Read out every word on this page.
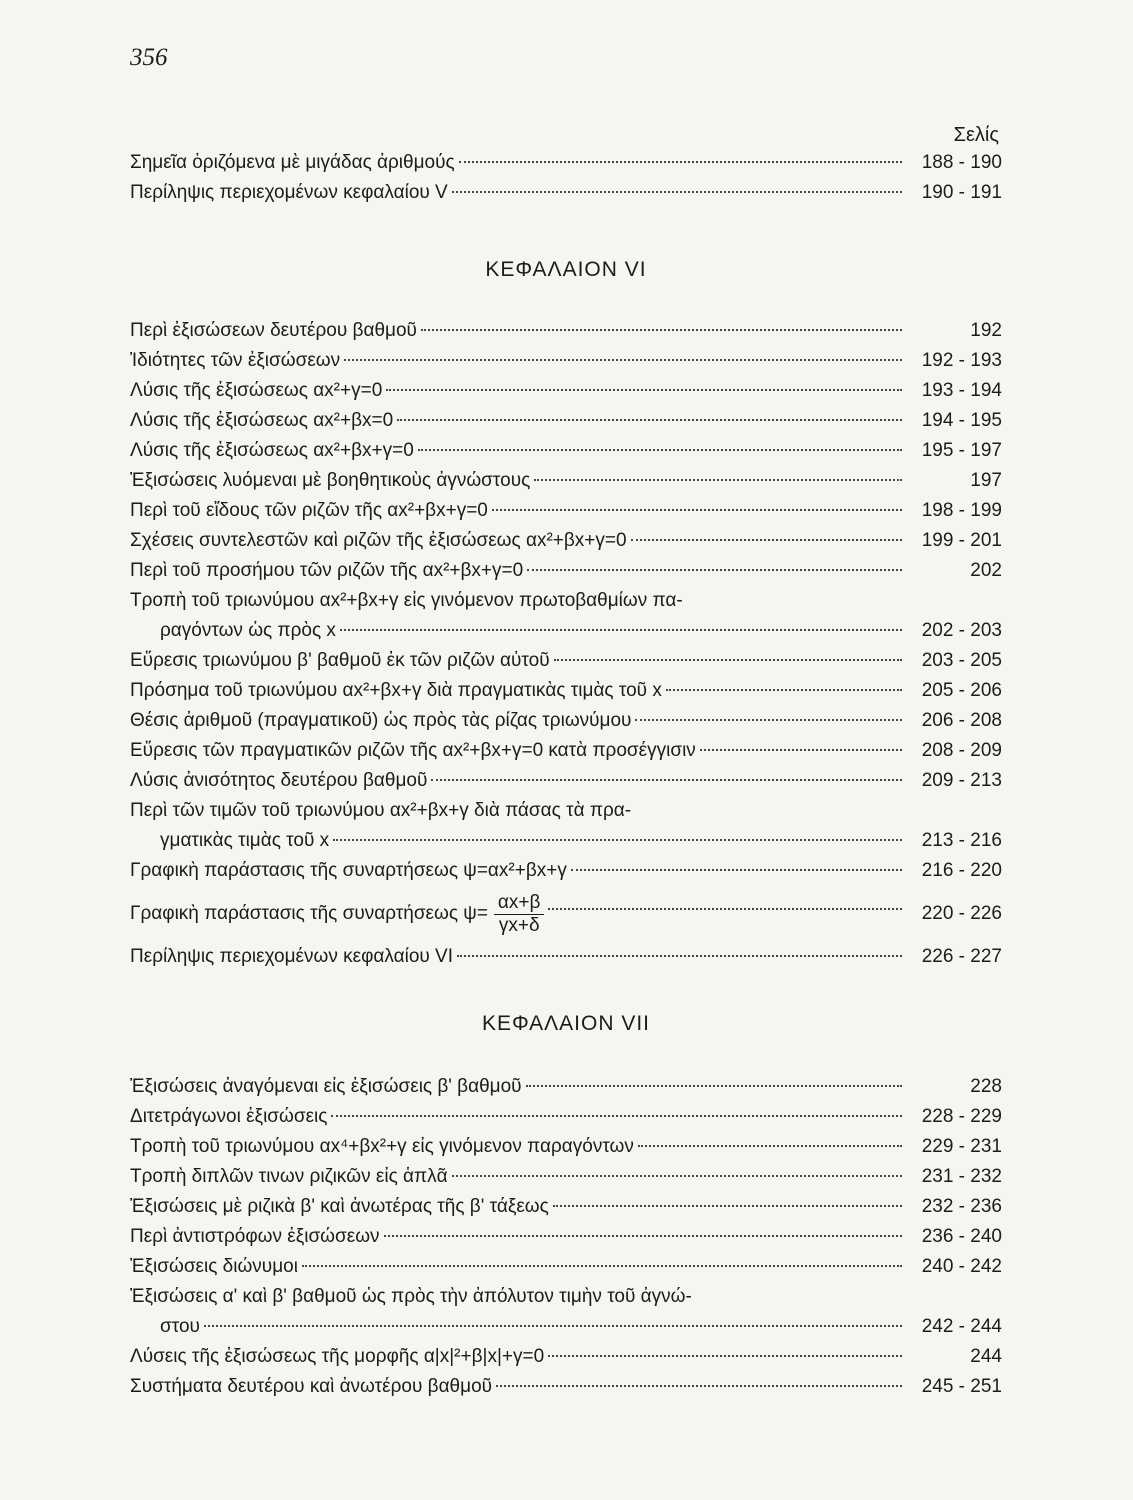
356
Σελίς
Σημεῖα ὁριζόμενα μὲ μιγάδας ἀριθμούς	188 - 190
Περίληψις περιεχομένων κεφαλαίου V	190 - 191
ΚΕΦΑΛΑΙΟΝ VI
Περὶ ἐξισώσεων δευτέρου βαθμοῦ	192
Ἰδιότητες τῶν ἐξισώσεων	192 - 193
Λύσις τῆς ἐξισώσεως αx²+γ=0	193 - 194
Λύσις τῆς ἐξισώσεως αx²+βx=0	194 - 195
Λύσις τῆς ἐξισώσεως αx²+βx+γ=0	195 - 197
Ἐξισώσεις λυόμεναι μὲ βοηθητικοὺς ἀγνώστους	197
Περὶ τοῦ εἴδους τῶν ριζῶν τῆς αx²+βx+γ=0	198 - 199
Σχέσεις συντελεστῶν καὶ ριζῶν τῆς ἐξισώσεως αx²+βx+γ=0	199 - 201
Περὶ τοῦ προσήμου τῶν ριζῶν τῆς αx²+βx+γ=0	202
Τροπὴ τοῦ τριωνύμου αx²+βx+γ εἰς γινόμενον πρωτοβαθμίων πα-
ραγόντων ὡς πρὸς x	202 - 203
Εὕρεσις τριωνύμου β' βαθμοῦ ἐκ τῶν ριζῶν αὐτοῦ	203 - 205
Πρόσημα τοῦ τριωνύμου αx²+βx+γ διὰ πραγματικὰς τιμὰς τοῦ x	205 - 206
Θέσις ἀριθμοῦ (πραγματικοῦ) ὡς πρὸς τὰς ρίζας τριωνύμου	206 - 208
Εὕρεσις τῶν πραγματικῶν ριζῶν τῆς αx²+βx+γ=0 κατὰ προσέγγισιν	208 - 209
Λύσις ἀνισότητος δευτέρου βαθμοῦ	209 - 213
Περὶ τῶν τιμῶν τοῦ τριωνύμου αx²+βx+γ διὰ πάσας τὰ πρα-
γματικὰς τιμὰς τοῦ x	213 - 216
Γραφικὴ παράστασις τῆς συναρτήσεως ψ=αx²+βx+γ	216 - 220
Γραφικὴ παράστασις τῆς συναρτήσεως $\psi= \frac{\alpha x+\beta}{\gamma x+\delta}$	220 - 226
Περίληψις περιεχομένων κεφαλαίου VI	226 - 227
ΚΕΦΑΛΑΙΟΝ VII
Ἐξισώσεις ἀναγόμεναι εἰς ἐξισώσεις β' βαθμοῦ	228
Διτετράγωνοι ἐξισώσεις	228 - 229
Τροπὴ τοῦ τριωνύμου αx⁴+βx²+γ εἰς γινόμενον παραγόντων	229 - 231
Τροπὴ διπλῶν τινων ριζικῶν εἰς ἁπλᾶ	231 - 232
Ἐξισώσεις μὲ ριζικὰ β' καὶ ἀνωτέρας τῆς β' τάξεως	232 - 236
Περὶ ἀντιστρόφων ἐξισώσεων	236 - 240
Ἐξισώσεις διώνυμοι	240 - 242
Ἐξισώσεις α' καὶ β' βαθμοῦ ὡς πρὸς τὴν ἀπόλυτον τιμὴν τοῦ ἀγνώ-
στου	242 - 244
Λύσεις τῆς ἐξισώσεως τῆς μορφῆς α|x|²+β|x|+γ=0	244
Συστήματα δευτέρου καὶ ἀνωτέρου βαθμοῦ	245 - 251
